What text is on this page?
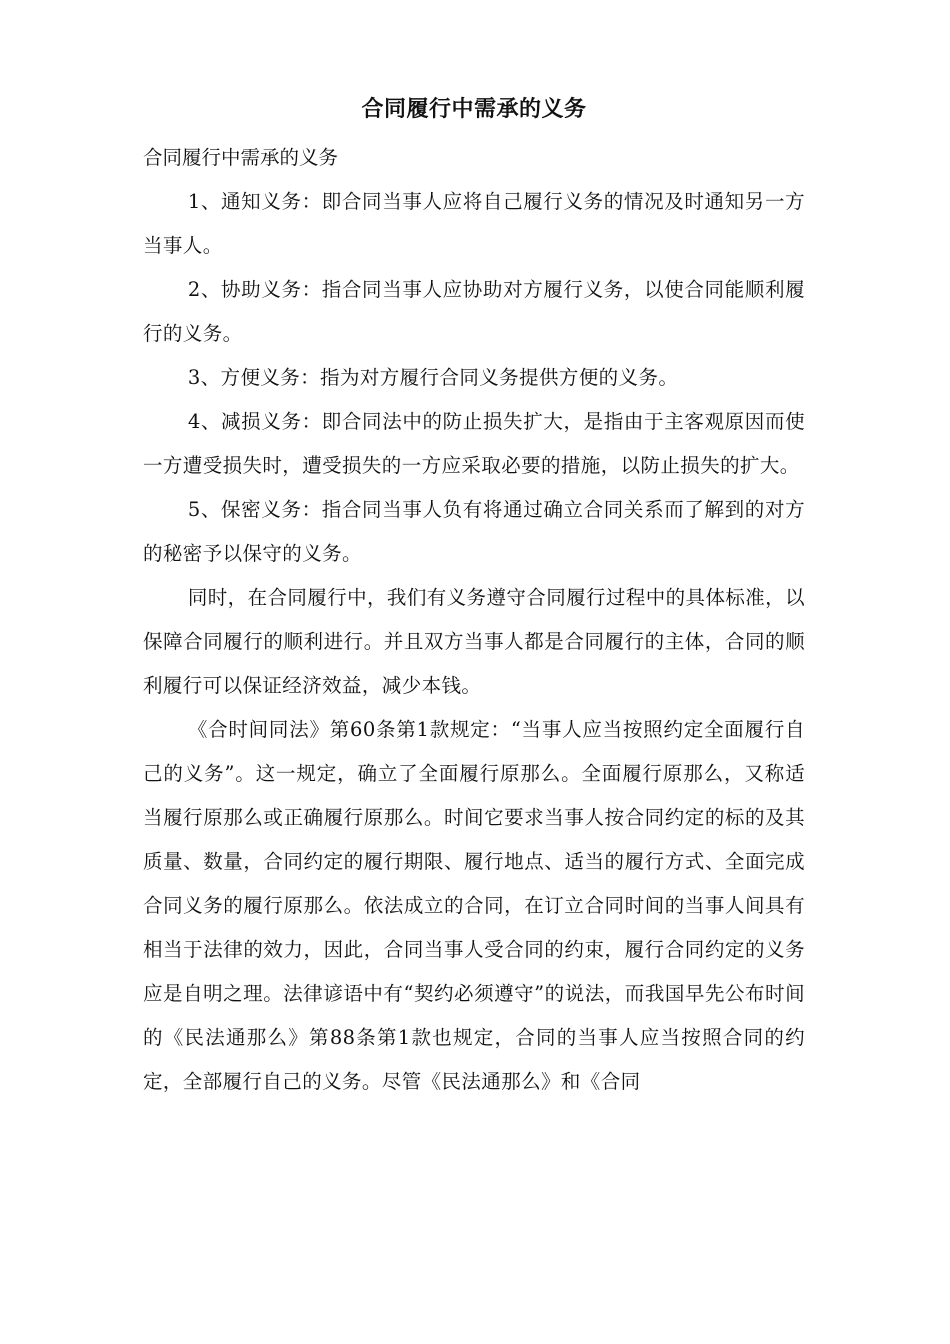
合同履行中需承的义务

合同履行中需承的义务

1、通知义务：即合同当事人应将自己履行义务的情况及时通知另一方当事人。

2、协助义务：指合同当事人应协助对方履行义务，以使合同能顺利履行的义务。

3、方便义务：指为对方履行合同义务提供方便的义务。

4、减损义务：即合同法中的防止损失扩大，是指由于主客观原因而使一方遭受损失时，遭受损失的一方应采取必要的措施，以防止损失的扩大。

5、保密义务：指合同当事人负有将通过确立合同关系而了解到的对方的秘密予以保守的义务。

同时，在合同履行中，我们有义务遵守合同履行过程中的具体标准，以保障合同履行的顺利进行。并且双方当事人都是合同履行的主体，合同的顺利履行可以保证经济效益，减少本钱。

《合时间同法》第60条第1款规定：“当事人应当按照约定全面履行自己的义务”。这一规定，确立了全面履行原那么。全面履行原那么，又称适当履行原那么或正确履行原那么。时间它要求当事人按合同约定的标的及其质量、数量，合同约定的履行期限、履行地点、适当的履行方式、全面完成合同义务的履行原那么。依法成立的合同，在订立合同时间的当事人间具有相当于法律的效力，因此，合同当事人受合同的约束，履行合同约定的义务应是自明之理。法律谚语中有“契约必须遵守”的说法，而我国早先公布时间的《民法通那么》第88条第1款也规定，合同的当事人应当按照合同的约定，全部履行自己的义务。尽管《民法通那么》和《合同
